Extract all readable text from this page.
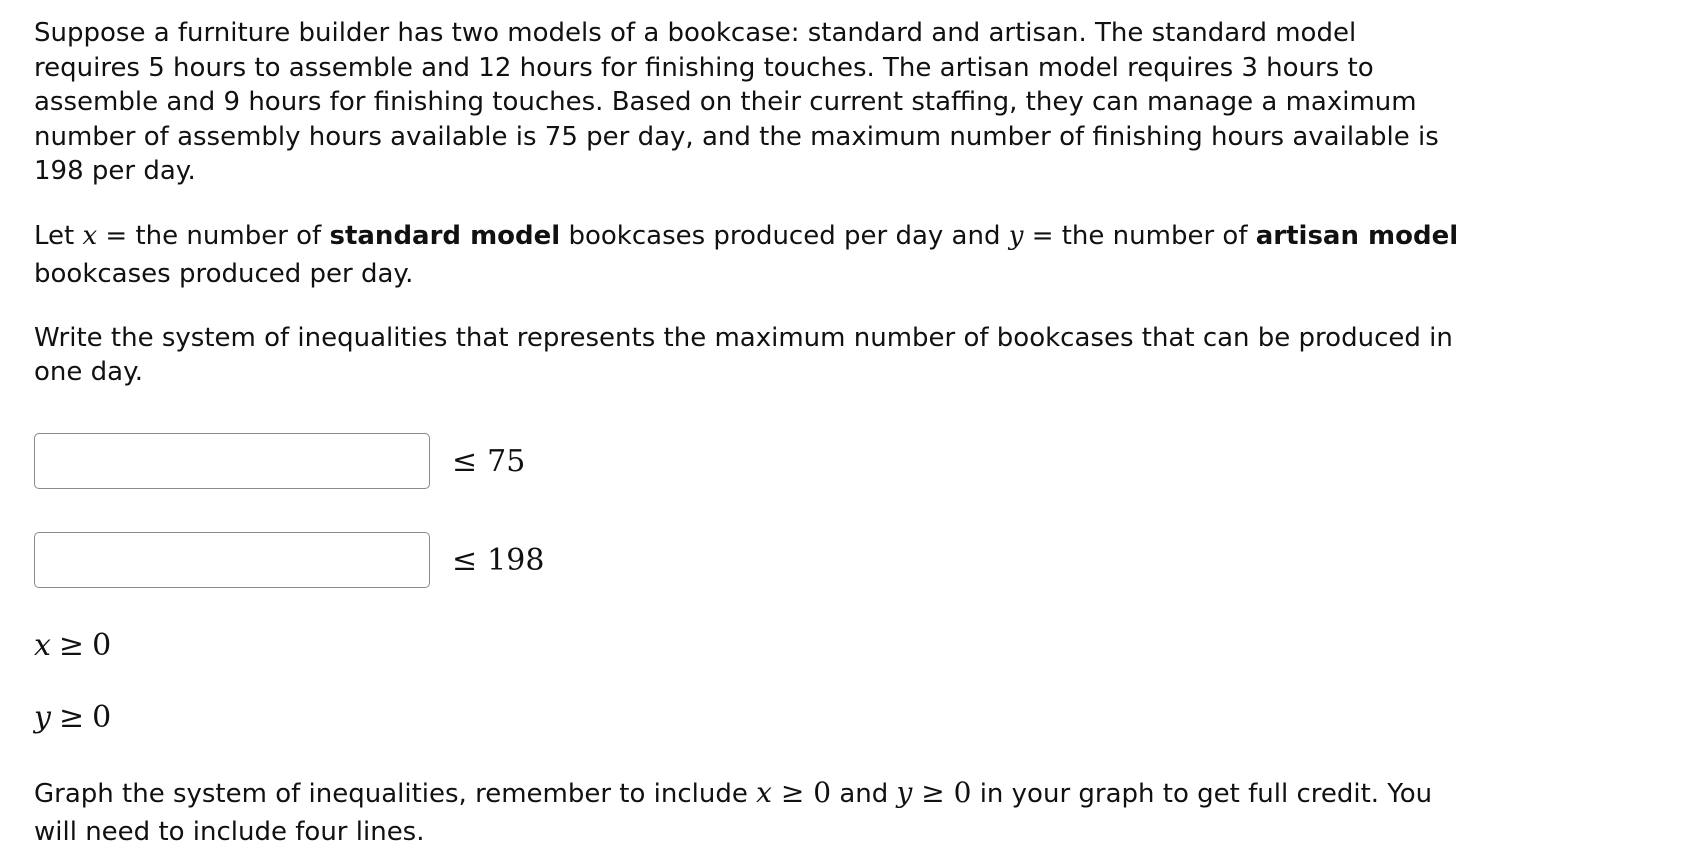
Suppose a furniture builder has two models of a bookcase: standard and artisan. The standard model requires 5 hours to assemble and 12 hours for finishing touches. The artisan model requires 3 hours to assemble and 9 hours for finishing touches. Based on their current staffing, they can manage a maximum number of assembly hours available is 75 per day, and the maximum number of finishing hours available is 198 per day.

Let x = the number of standard model bookcases produced per day and y = the number of artisan model bookcases produced per day.

Write the system of inequalities that represents the maximum number of bookcases that can be produced in one day.

≤ 75
≤ 198
x ≥ 0
y ≥ 0

Graph the system of inequalities, remember to include x ≥ 0 and y ≥ 0 in your graph to get full credit. You will need to include four lines.
